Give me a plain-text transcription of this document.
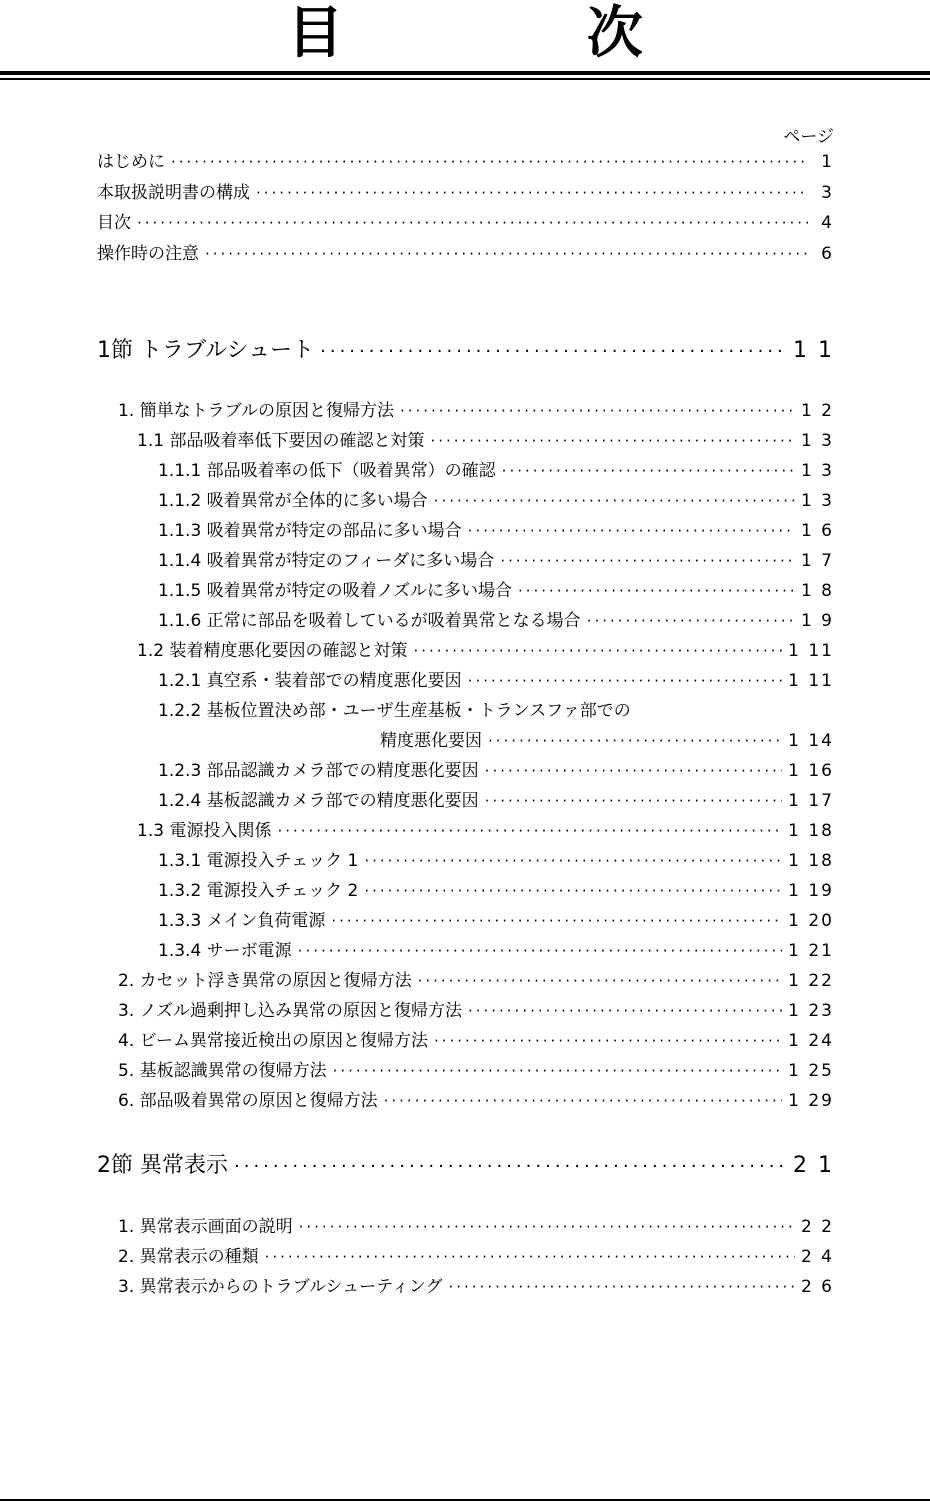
目 次
ページ
はじめに ·····	1
本取扱説明書の構成 ·····	3
目次 ·····	4
操作時の注意 ·····	6
1節 トラブルシュート ·····	1 1
1. 簡単なトラブルの原因と復帰方法 ·····	1 2
1.1 部品吸着率低下要因の確認と対策 ·····	1 3
1.1.1 部品吸着率の低下（吸着異常）の確認 ·····	1 3
1.1.2 吸着異常が全体的に多い場合 ·····	1 3
1.1.3 吸着異常が特定の部品に多い場合 ·····	1 6
1.1.4 吸着異常が特定のフィーダに多い場合 ·····	1 7
1.1.5 吸着異常が特定の吸着ノズルに多い場合 ·····	1 8
1.1.6 正常に部品を吸着しているが吸着異常となる場合 ·····	1 9
1.2 装着精度悪化要因の確認と対策 ·····	1 11
1.2.1 真空系・装着部での精度悪化要因 ·····	1 11
1.2.2 基板位置決め部・ユーザ生産基板・トランスファ部での
精度悪化要因 ·····	1 14
1.2.3 部品認識カメラ部での精度悪化要因 ·····	1 16
1.2.4 基板認識カメラ部での精度悪化要因 ·····	1 17
1.3 電源投入関係 ·····	1 18
1.3.1 電源投入チェック 1 ·····	1 18
1.3.2 電源投入チェック 2 ·····	1 19
1.3.3 メイン負荷電源 ·····	1 20
1.3.4 サーボ電源 ·····	1 21
2. カセット浮き異常の原因と復帰方法 ·····	1 22
3. ノズル過剰押し込み異常の原因と復帰方法 ·····	1 23
4. ビーム異常接近検出の原因と復帰方法 ·····	1 24
5. 基板認識異常の復帰方法 ·····	1 25
6. 部品吸着異常の原因と復帰方法 ·····	1 29
2節 異常表示 ·····	2 1
1. 異常表示画面の説明 ·····	2 2
2. 異常表示の種類 ·····	2 4
3. 異常表示からのトラブルシューティング ·····	2 6
